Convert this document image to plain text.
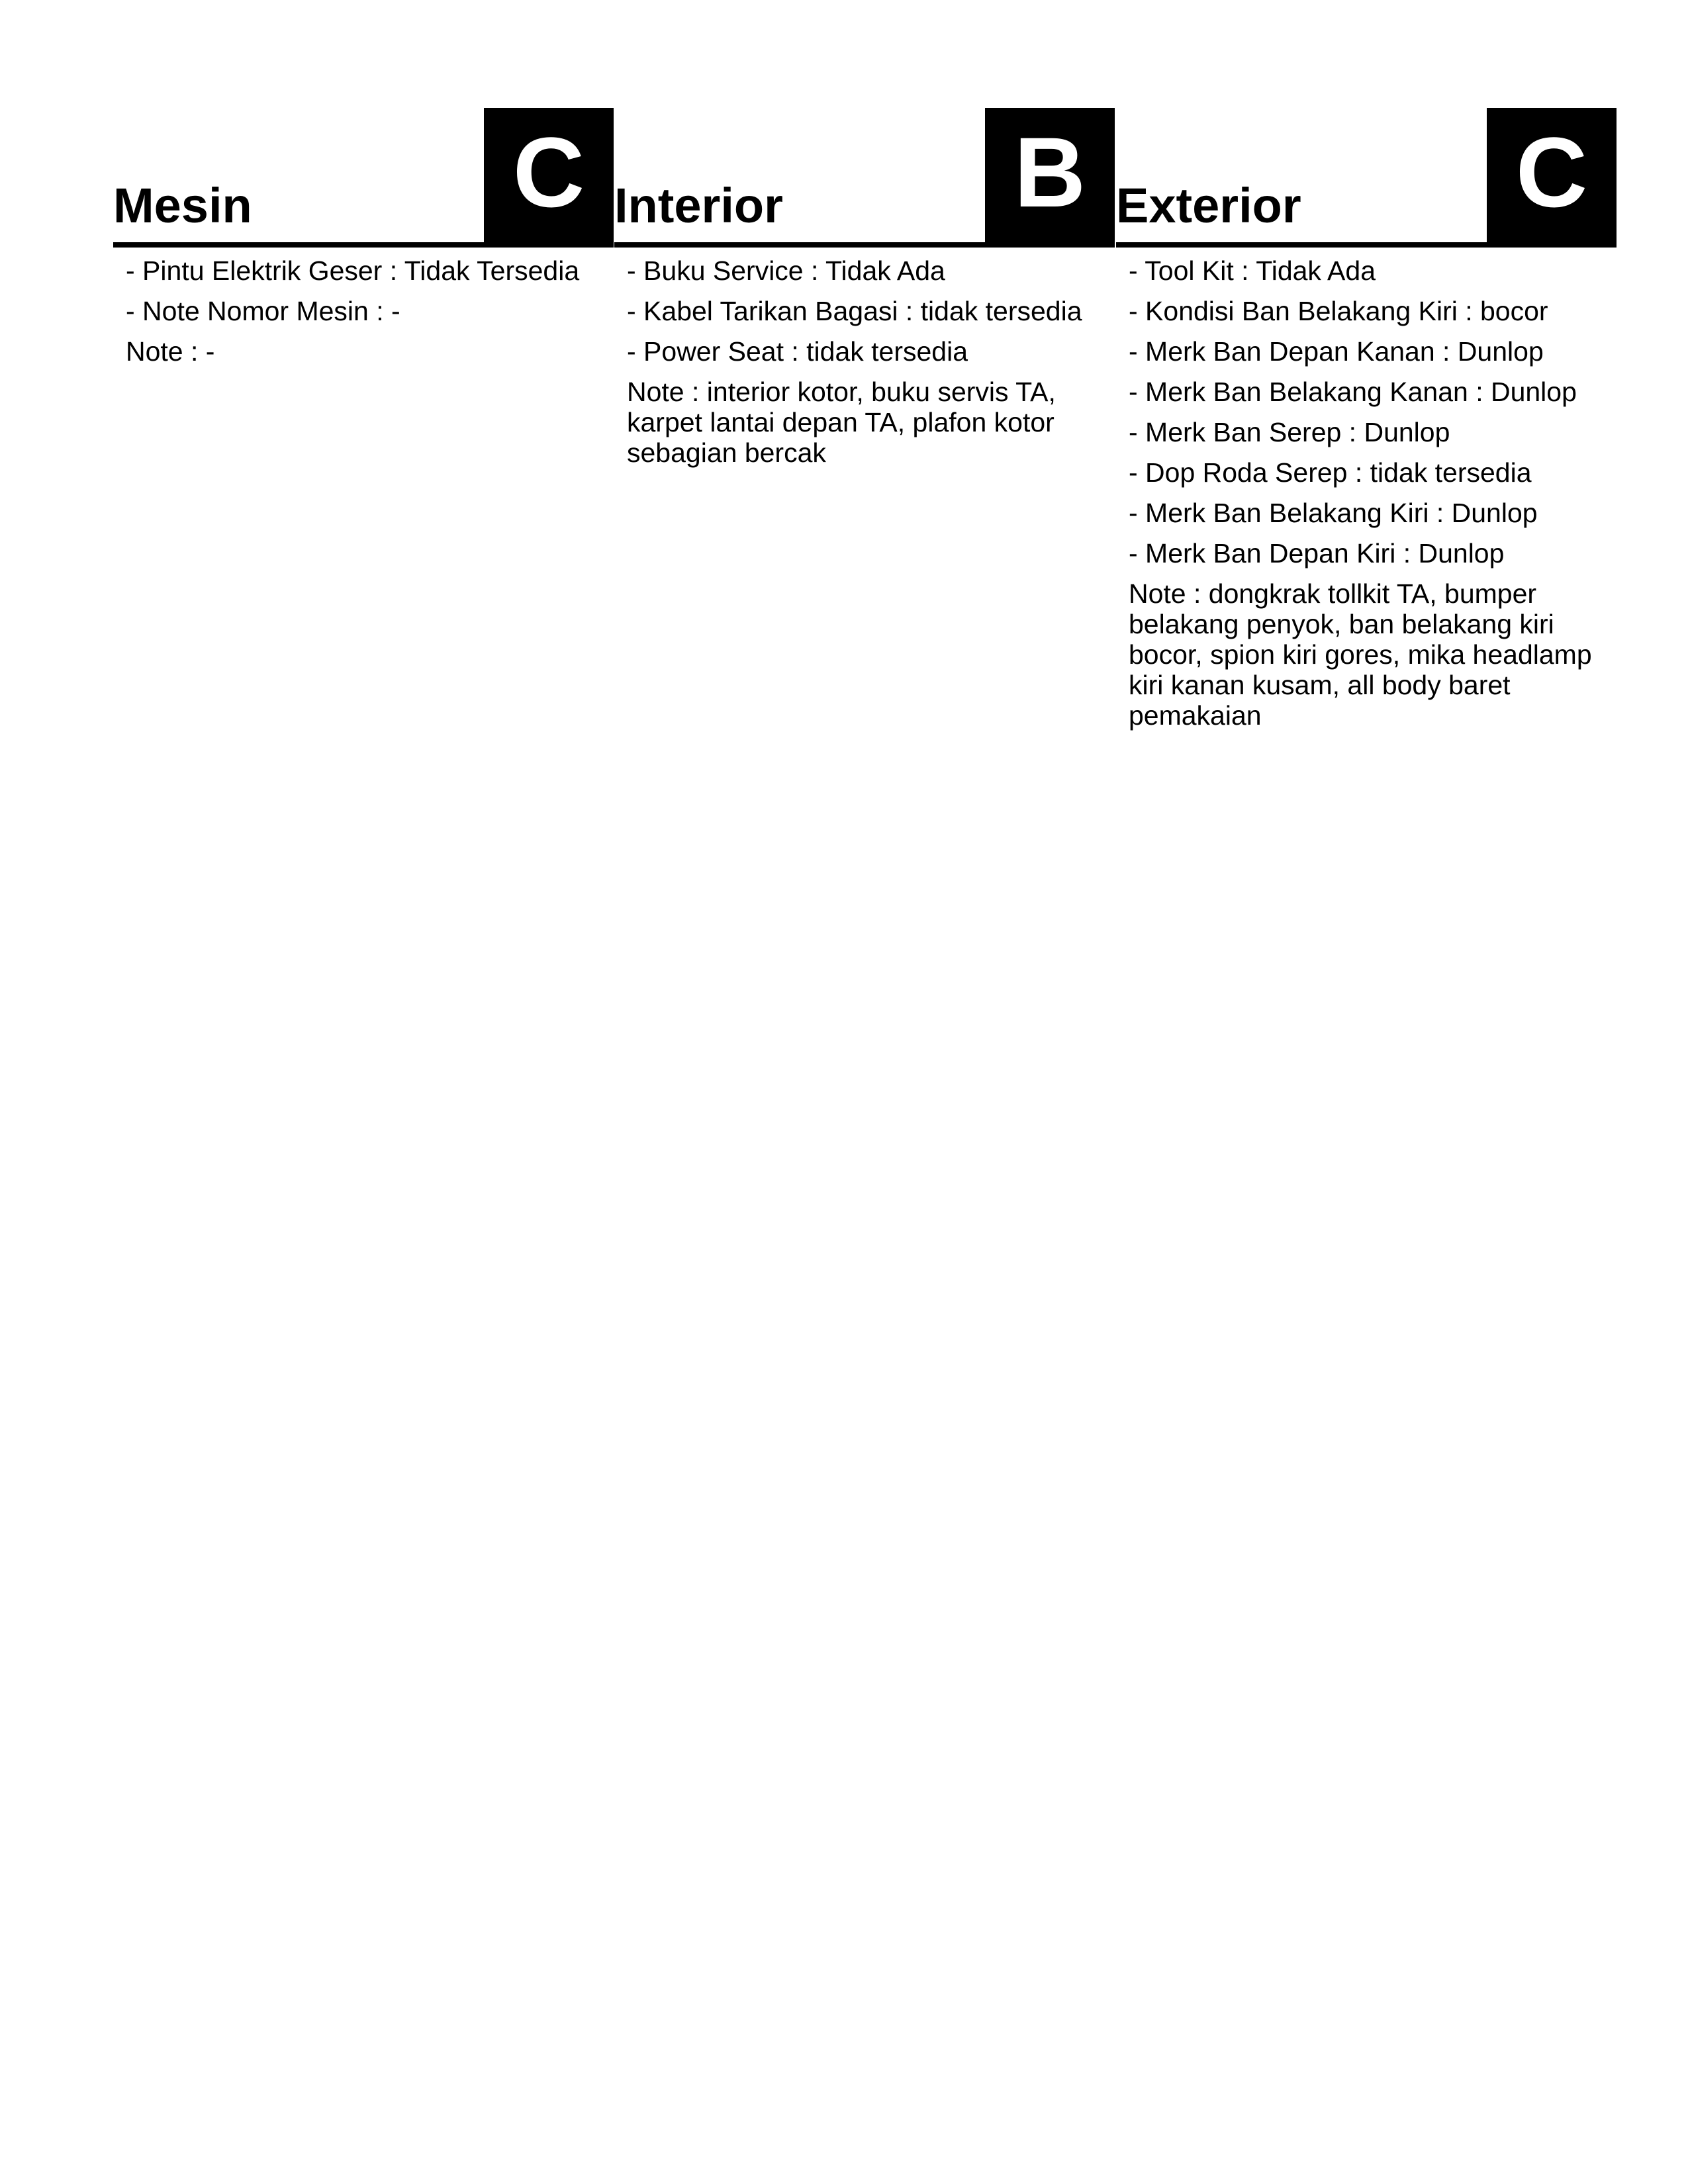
Mesin	C
- Pintu Elektrik Geser : Tidak Tersedia
- Note Nomor Mesin : -
Note : -
Interior B
- Buku Service : Tidak Ada
- Kabel Tarikan Bagasi : tidak tersedia
- Power Seat : tidak tersedia
Note : interior kotor, buku servis TA, karpet lantai depan TA, plafon kotor sebagian bercak
Exterior C
- Tool Kit : Tidak Ada
- Kondisi Ban Belakang Kiri : bocor
- Merk Ban Depan Kanan : Dunlop
- Merk Ban Belakang Kanan : Dunlop
- Merk Ban Serep : Dunlop
- Dop Roda Serep : tidak tersedia
- Merk Ban Belakang Kiri : Dunlop
- Merk Ban Depan Kiri : Dunlop
Note : dongkrak tollkit TA, bumper belakang penyok, ban belakang kiri bocor, spion kiri gores, mika headlamp kiri kanan kusam, all body baret pemakaian
